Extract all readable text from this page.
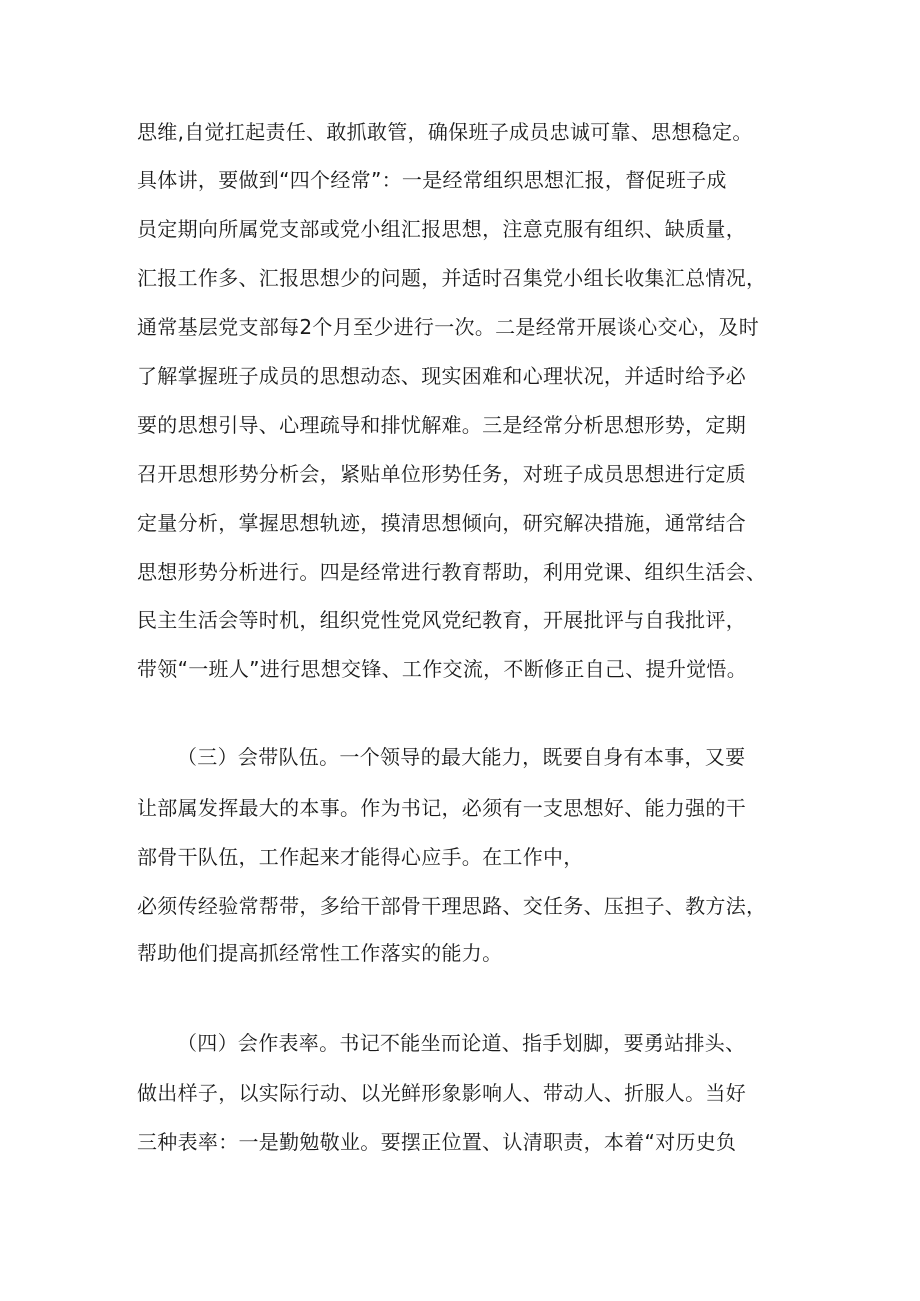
思维,自觉扛起责任、敢抓敢管，确保班子成员忠诚可靠、思想稳定。
具体讲，要做到“四个经常”：一是经常组织思想汇报，督促班子成
员定期向所属党支部或党小组汇报思想，注意克服有组织、缺质量，
汇报工作多、汇报思想少的问题，并适时召集党小组长收集汇总情况，
通常基层党支部每2个月至少进行一次。二是经常开展谈心交心，及时
了解掌握班子成员的思想动态、现实困难和心理状况，并适时给予必
要的思想引导、心理疏导和排忧解难。三是经常分析思想形势，定期
召开思想形势分析会，紧贴单位形势任务，对班子成员思想进行定质
定量分析，掌握思想轨迹，摸清思想倾向，研究解决措施，通常结合
思想形势分析进行。四是经常进行教育帮助，利用党课、组织生活会、
民主生活会等时机，组织党性党风党纪教育，开展批评与自我批评，
带领“一班人”进行思想交锋、工作交流，不断修正自己、提升觉悟。
（三）会带队伍。一个领导的最大能力，既要自身有本事，又要
让部属发挥最大的本事。作为书记，必须有一支思想好、能力强的干
部骨干队伍，工作起来才能得心应手。在工作中，
必须传经验常帮带，多给干部骨干理思路、交任务、压担子、教方法，
帮助他们提高抓经常性工作落实的能力。
（四）会作表率。书记不能坐而论道、指手划脚，要勇站排头、
做出样子，以实际行动、以光鲜形象影响人、带动人、折服人。当好
三种表率：一是勤勉敬业。要摆正位置、认清职责，本着“对历史负
